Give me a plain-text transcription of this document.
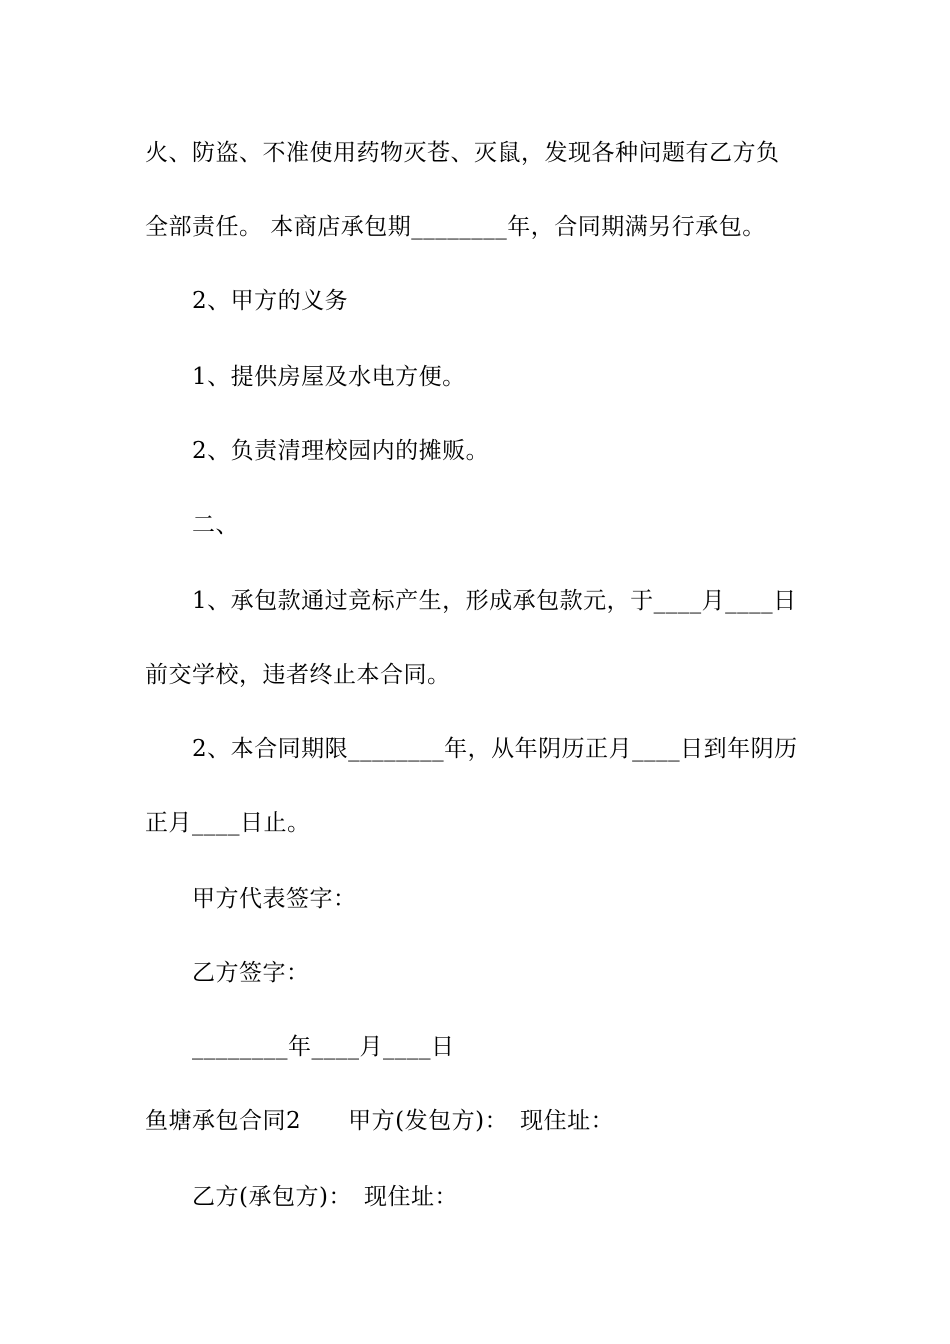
火、防盗、不准使用药物灭苍、灭鼠，发现各种问题有乙方负
全部责任。 本商店承包期________年，合同期满另行承包。
2、甲方的义务
1、提供房屋及水电方便。
2、负责清理校园内的摊贩。
二、
1、承包款通过竞标产生，形成承包款元，于____月____日
前交学校，违者终止本合同。
2、本合同期限________年，从年阴历正月____日到年阴历
正月____日止。
甲方代表签字：
乙方签字：
________年____月____日
鱼塘承包合同2　　甲方(发包方)：　现住址：
乙方(承包方)：　现住址：
